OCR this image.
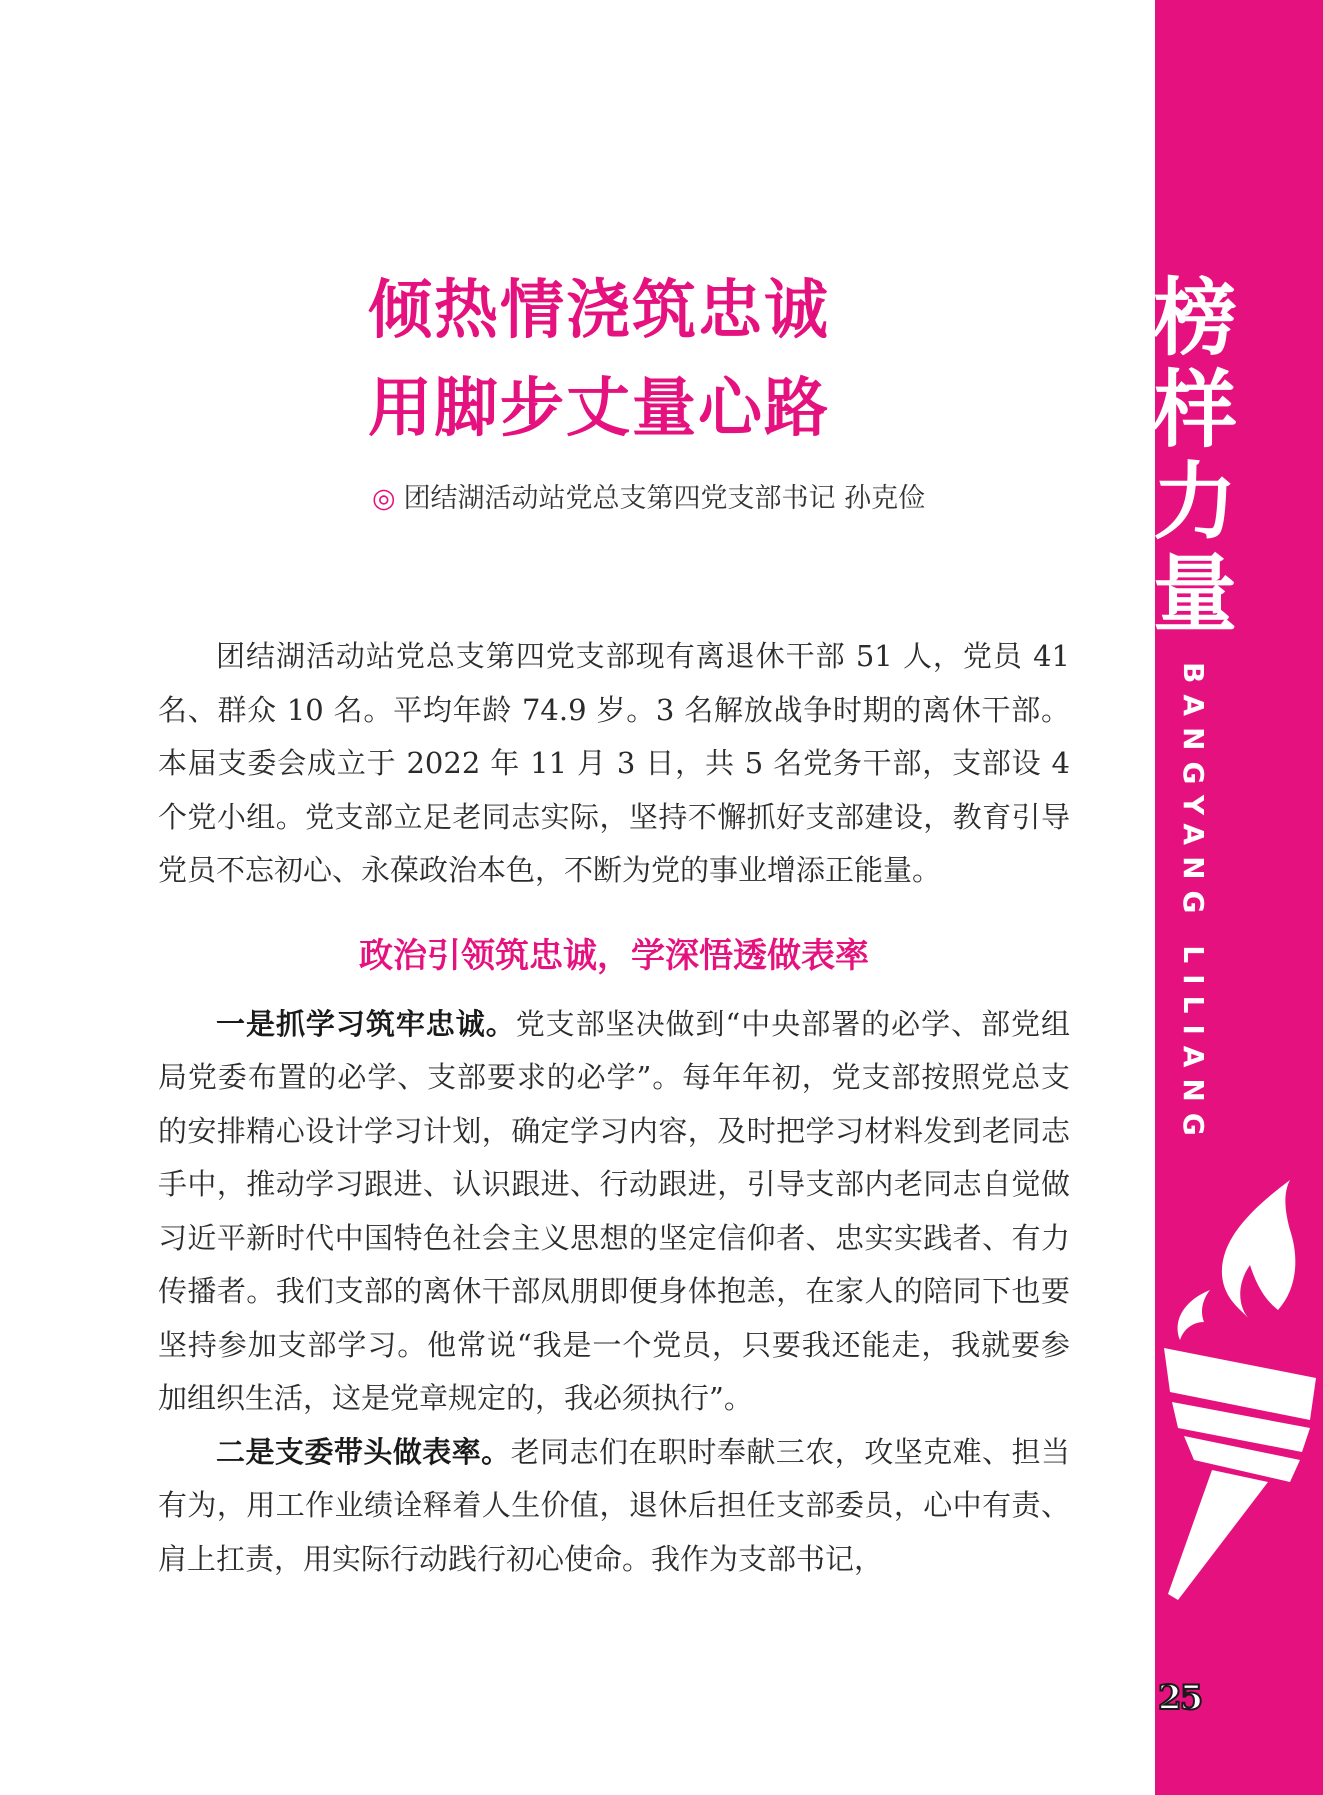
榜
样
力
量
BANGYANG LILIANG
25
倾热情浇筑忠诚
用脚步丈量心路
◎ 团结湖活动站党总支第四党支部书记 孙克俭

团结湖活动站党总支第四党支部现有离退休干部 51 人，党员 41 名、群众 10 名。平均年龄 74.9 岁。3 名解放战争时期的离休干部。本届支委会成立于 2022 年 11 月 3 日，共 5 名党务干部，支部设 4 个党小组。党支部立足老同志实际，坚持不懈抓好支部建设，教育引导党员不忘初心、永葆政治本色，不断为党的事业增添正能量。

政治引领筑忠诚，学深悟透做表率

一是抓学习筑牢忠诚。党支部坚决做到“中央部署的必学、部党组局党委布置的必学、支部要求的必学”。每年年初，党支部按照党总支的安排精心设计学习计划，确定学习内容，及时把学习材料发到老同志手中，推动学习跟进、认识跟进、行动跟进，引导支部内老同志自觉做习近平新时代中国特色社会主义思想的坚定信仰者、忠实实践者、有力传播者。我们支部的离休干部凤朋即便身体抱恙，在家人的陪同下也要坚持参加支部学习。他常说“我是一个党员，只要我还能走，我就要参加组织生活，这是党章规定的，我必须执行”。

二是支委带头做表率。老同志们在职时奉献三农，攻坚克难、担当有为，用工作业绩诠释着人生价值，退休后担任支部委员，心中有责、肩上扛责，用实际行动践行初心使命。我作为支部书记，
